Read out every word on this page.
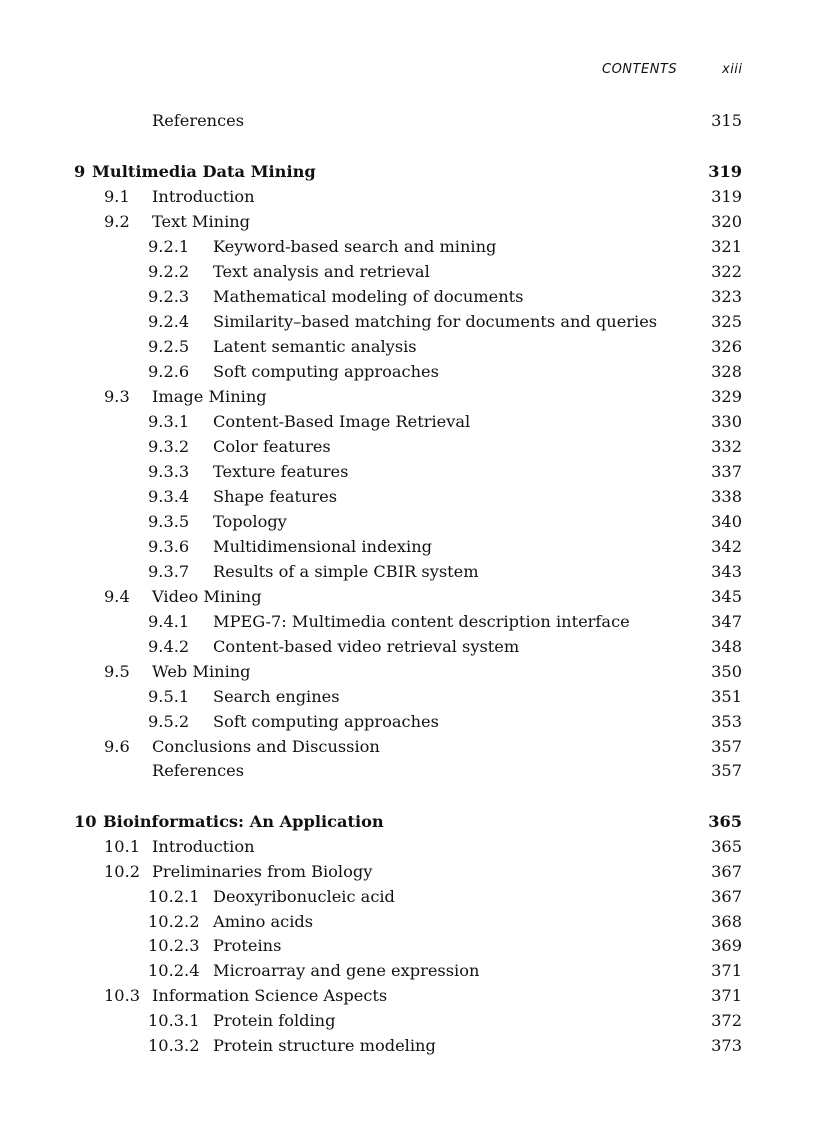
CONTENTS	xiii
References	315
9 Multimedia Data Mining	319
9.1 Introduction	319
9.2 Text Mining	320
9.2.1 Keyword-based search and mining	321
9.2.2 Text analysis and retrieval	322
9.2.3 Mathematical modeling of documents	323
9.2.4 Similarity–based matching for documents and queries	325
9.2.5 Latent semantic analysis	326
9.2.6 Soft computing approaches	328
9.3 Image Mining	329
9.3.1 Content-Based Image Retrieval	330
9.3.2 Color features	332
9.3.3 Texture features	337
9.3.4 Shape features	338
9.3.5 Topology	340
9.3.6 Multidimensional indexing	342
9.3.7 Results of a simple CBIR system	343
9.4 Video Mining	345
9.4.1 MPEG-7: Multimedia content description interface	347
9.4.2 Content-based video retrieval system	348
9.5 Web Mining	350
9.5.1 Search engines	351
9.5.2 Soft computing approaches	353
9.6 Conclusions and Discussion	357
References	357
10 Bioinformatics: An Application	365
10.1 Introduction	365
10.2 Preliminaries from Biology	367
10.2.1 Deoxyribonucleic acid	367
10.2.2 Amino acids	368
10.2.3 Proteins	369
10.2.4 Microarray and gene expression	371
10.3 Information Science Aspects	371
10.3.1 Protein folding	372
10.3.2 Protein structure modeling	373
